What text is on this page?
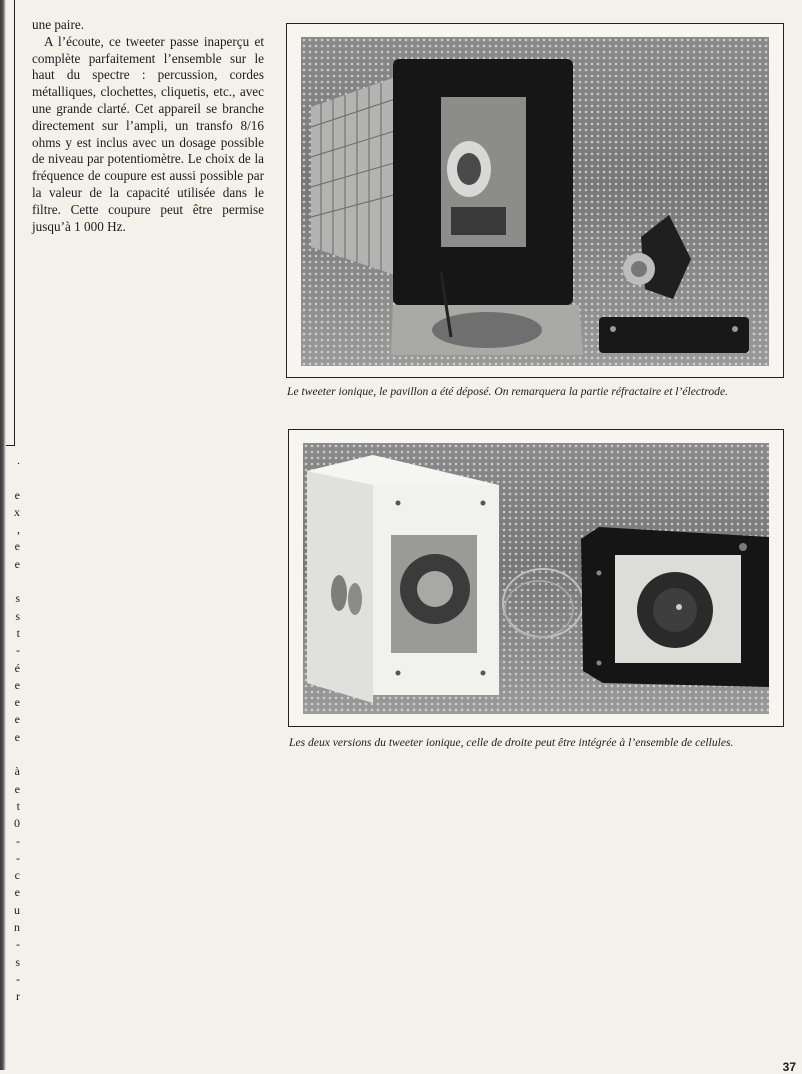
.
e
x
,
e
e
s
s
t
-
é
e
e
e
e
à
e
t
0
-
-
c
e
u
n
-
s
-
r

une paire.

A l’écoute, ce tweeter passe inaperçu et complète parfaitement l’ensemble sur le haut du spectre : percussion, cordes métalliques, clochettes, cliquetis, etc., avec une grande clarté. Cet appareil se branche directement sur l’ampli, un transfo 8/16 ohms y est inclus avec un dosage possible de niveau par potentiomètre. Le choix de la fréquence de coupure est aussi possible par la valeur de la capacité utilisée dans le filtre. Cette coupure peut être permise jusqu’à 1 000 Hz.

Le tweeter ionique, le pavillon a été déposé. On remarquera la partie réfractaire et l’électrode.
Les deux versions du tweeter ionique, celle de droite peut être intégrée à l’ensemble de cellules.
37
